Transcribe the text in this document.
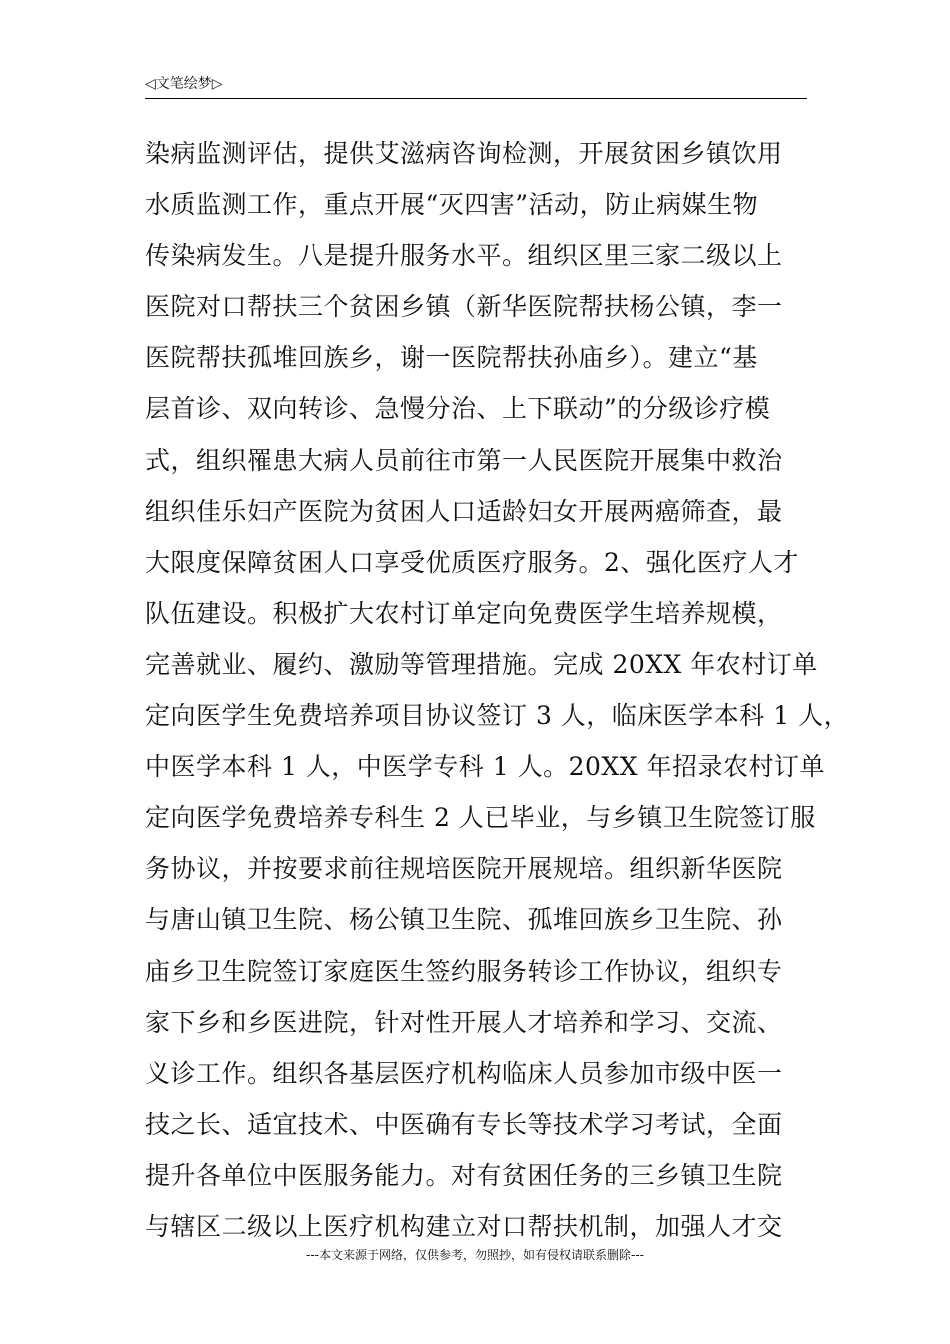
◁文笔绘梦▷
染病监测评估，提供艾滋病咨询检测，开展贫困乡镇饮用
水质监测工作，重点开展“灭四害”活动，防止病媒生物
传染病发生。八是提升服务水平。组织区里三家二级以上
医院对口帮扶三个贫困乡镇（新华医院帮扶杨公镇，李一
医院帮扶孤堆回族乡，谢一医院帮扶孙庙乡）。建立“基
层首诊、双向转诊、急慢分治、上下联动”的分级诊疗模
式，组织罹患大病人员前往市第一人民医院开展集中救治
组织佳乐妇产医院为贫困人口适龄妇女开展两癌筛查，最
大限度保障贫困人口享受优质医疗服务。2、强化医疗人才
队伍建设。积极扩大农村订单定向免费医学生培养规模，
完善就业、履约、激励等管理措施。完成 20XX 年农村订单
定向医学生免费培养项目协议签订 3 人，临床医学本科 1 人，
中医学本科 1 人，中医学专科 1 人。20XX 年招录农村订单
定向医学免费培养专科生 2 人已毕业，与乡镇卫生院签订服
务协议，并按要求前往规培医院开展规培。组织新华医院
与唐山镇卫生院、杨公镇卫生院、孤堆回族乡卫生院、孙
庙乡卫生院签订家庭医生签约服务转诊工作协议，组织专
家下乡和乡医进院，针对性开展人才培养和学习、交流、
义诊工作。组织各基层医疗机构临床人员参加市级中医一
技之长、适宜技术、中医确有专长等技术学习考试，全面
提升各单位中医服务能力。对有贫困任务的三乡镇卫生院
与辖区二级以上医疗机构建立对口帮扶机制，加强人才交
---本文来源于网络，仅供参考，勿照抄，如有侵权请联系删除---
